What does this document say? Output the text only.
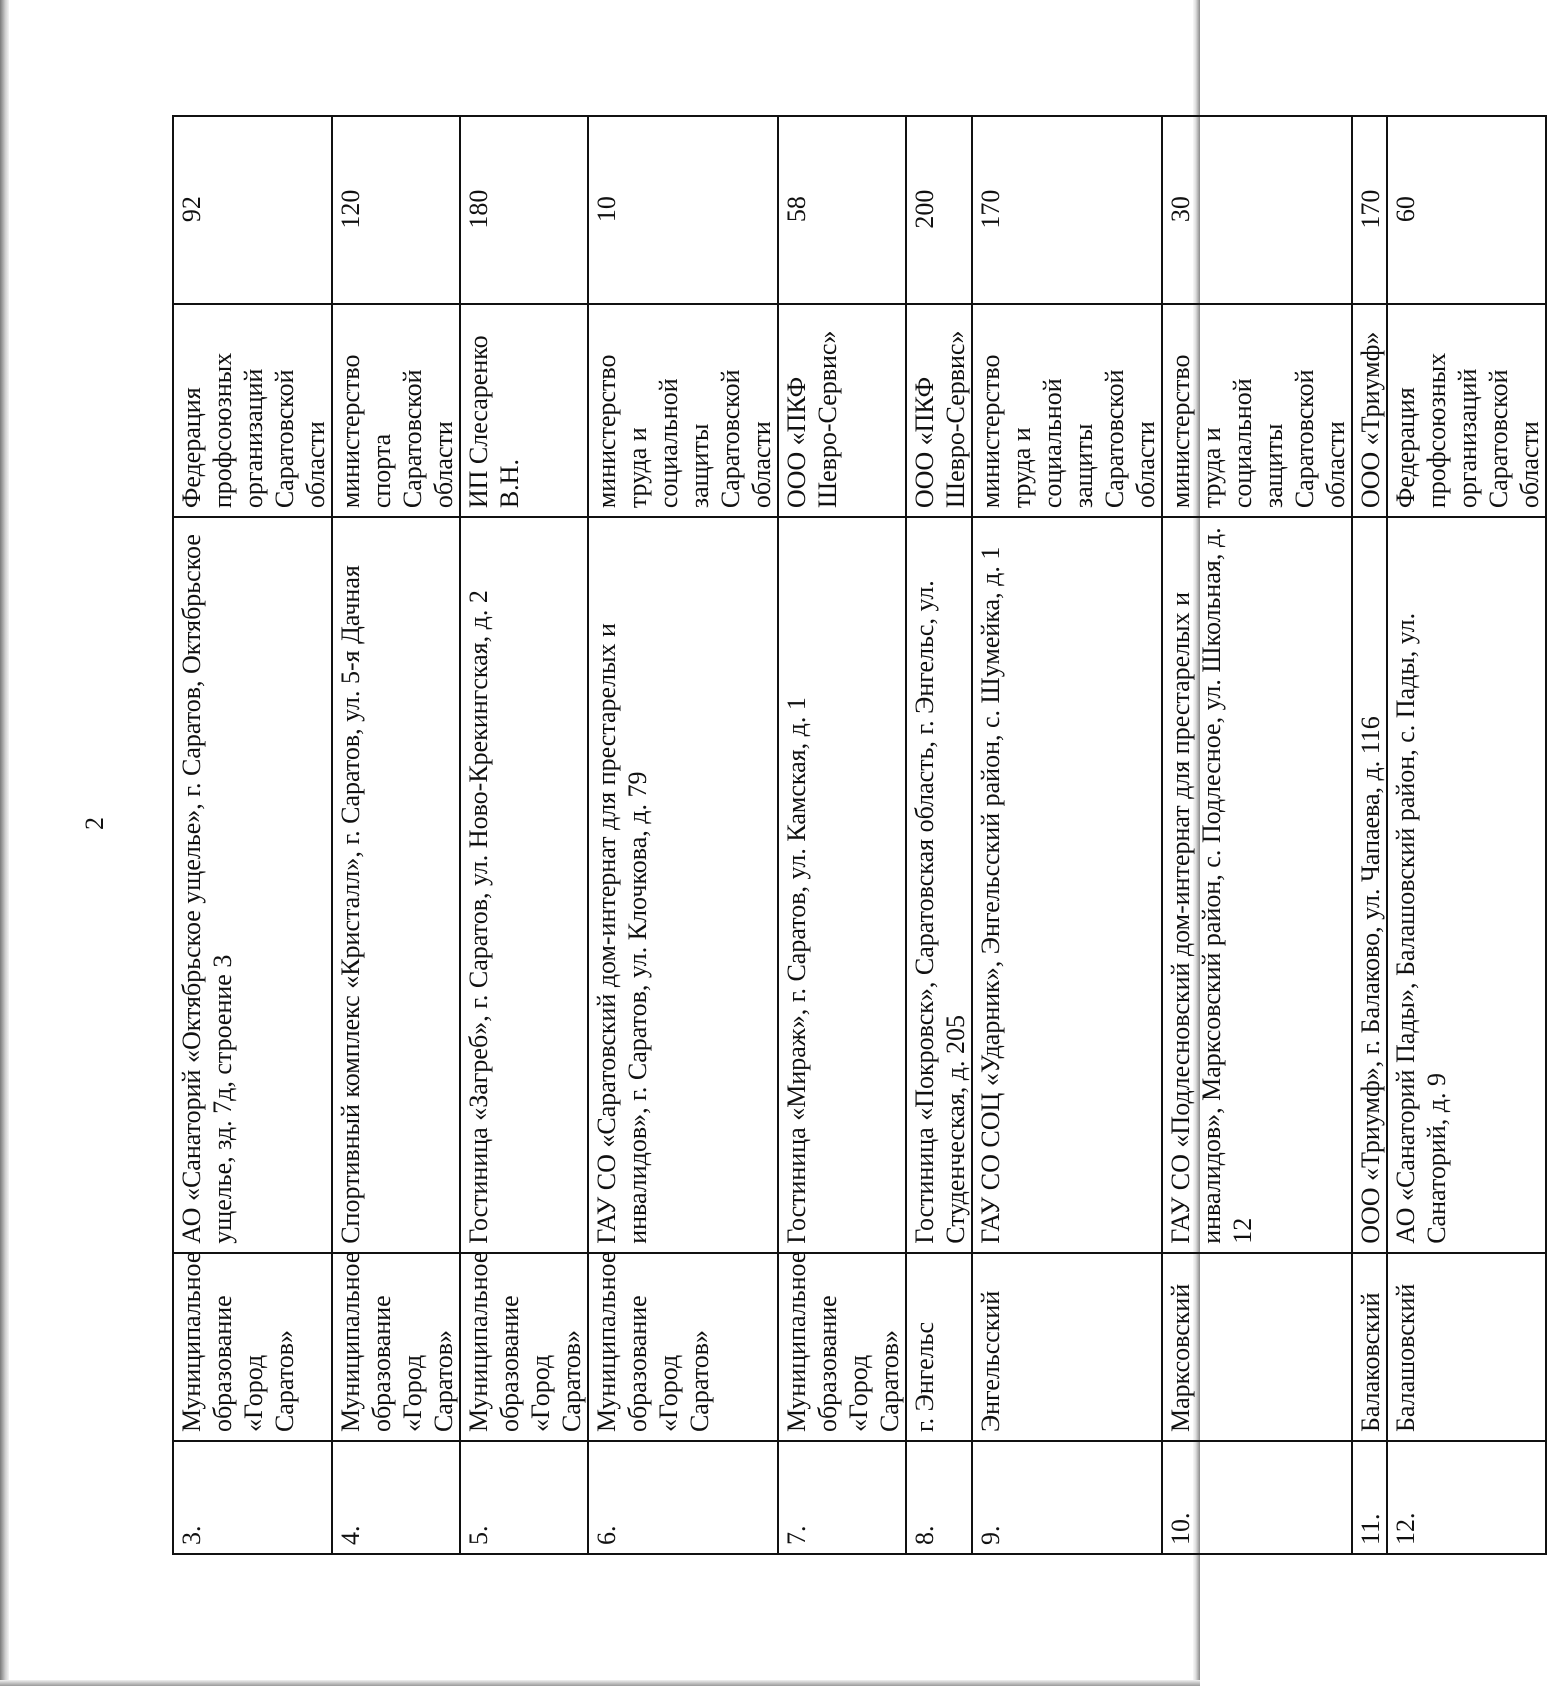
2
3.	Муниципальное образование «Город Саратов»	АО «Санаторий «Октябрьское ущелье», г. Саратов, Октябрьское ущелье, зд. 7д, строение 3	Федерация профсоюзных организаций Саратовской области	92
4.	Муниципальное образование «Город Саратов»	Спортивный комплекс «Кристалл», г. Саратов, ул. 5-я Дачная	министерство спорта Саратовской области	120
5.	Муниципальное образование «Город Саратов»	Гостиница «Загреб», г. Саратов, ул. Ново-Крекингская, д. 2	ИП Слесаренко В.Н.	180
6.	Муниципальное образование «Город Саратов»	ГАУ СО «Саратовский дом-интернат для престарелых и инвалидов», г. Саратов, ул. Клочкова, д. 79	министерство труда и социальной защиты Саратовской области	10
7.	Муниципальное образование «Город Саратов»	Гостиница «Мираж», г. Саратов, ул. Камская, д. 1	ООО «ПКФ Шевро-Сервис»	58
8.	г. Энгельс	Гостиница «Покровск», Саратовская область, г. Энгельс, ул. Студенческая, д. 205	ООО «ПКФ Шевро-Сервис»	200
9.	Энгельсский	ГАУ СО СОЦ «Ударник», Энгельсский район, с. Шумейка, д. 1	министерство труда и социальной защиты Саратовской области	170
10.	Марксовский	ГАУ СО «Подлесновский дом-интернат для престарелых и инвалидов», Марксовский район, с. Подлесное, ул. Школьная, д. 12	министерство труда и социальной защиты Саратовской области	30
11.	Балаковский	ООО «Триумф», г. Балаково, ул. Чапаева, д. 116	ООО «Триумф»	170
12.	Балашовский	АО «Санаторий Пады», Балашовский район, с. Пады, ул. Санаторий, д. 9	Федерация профсоюзных организаций Саратовской области	60
